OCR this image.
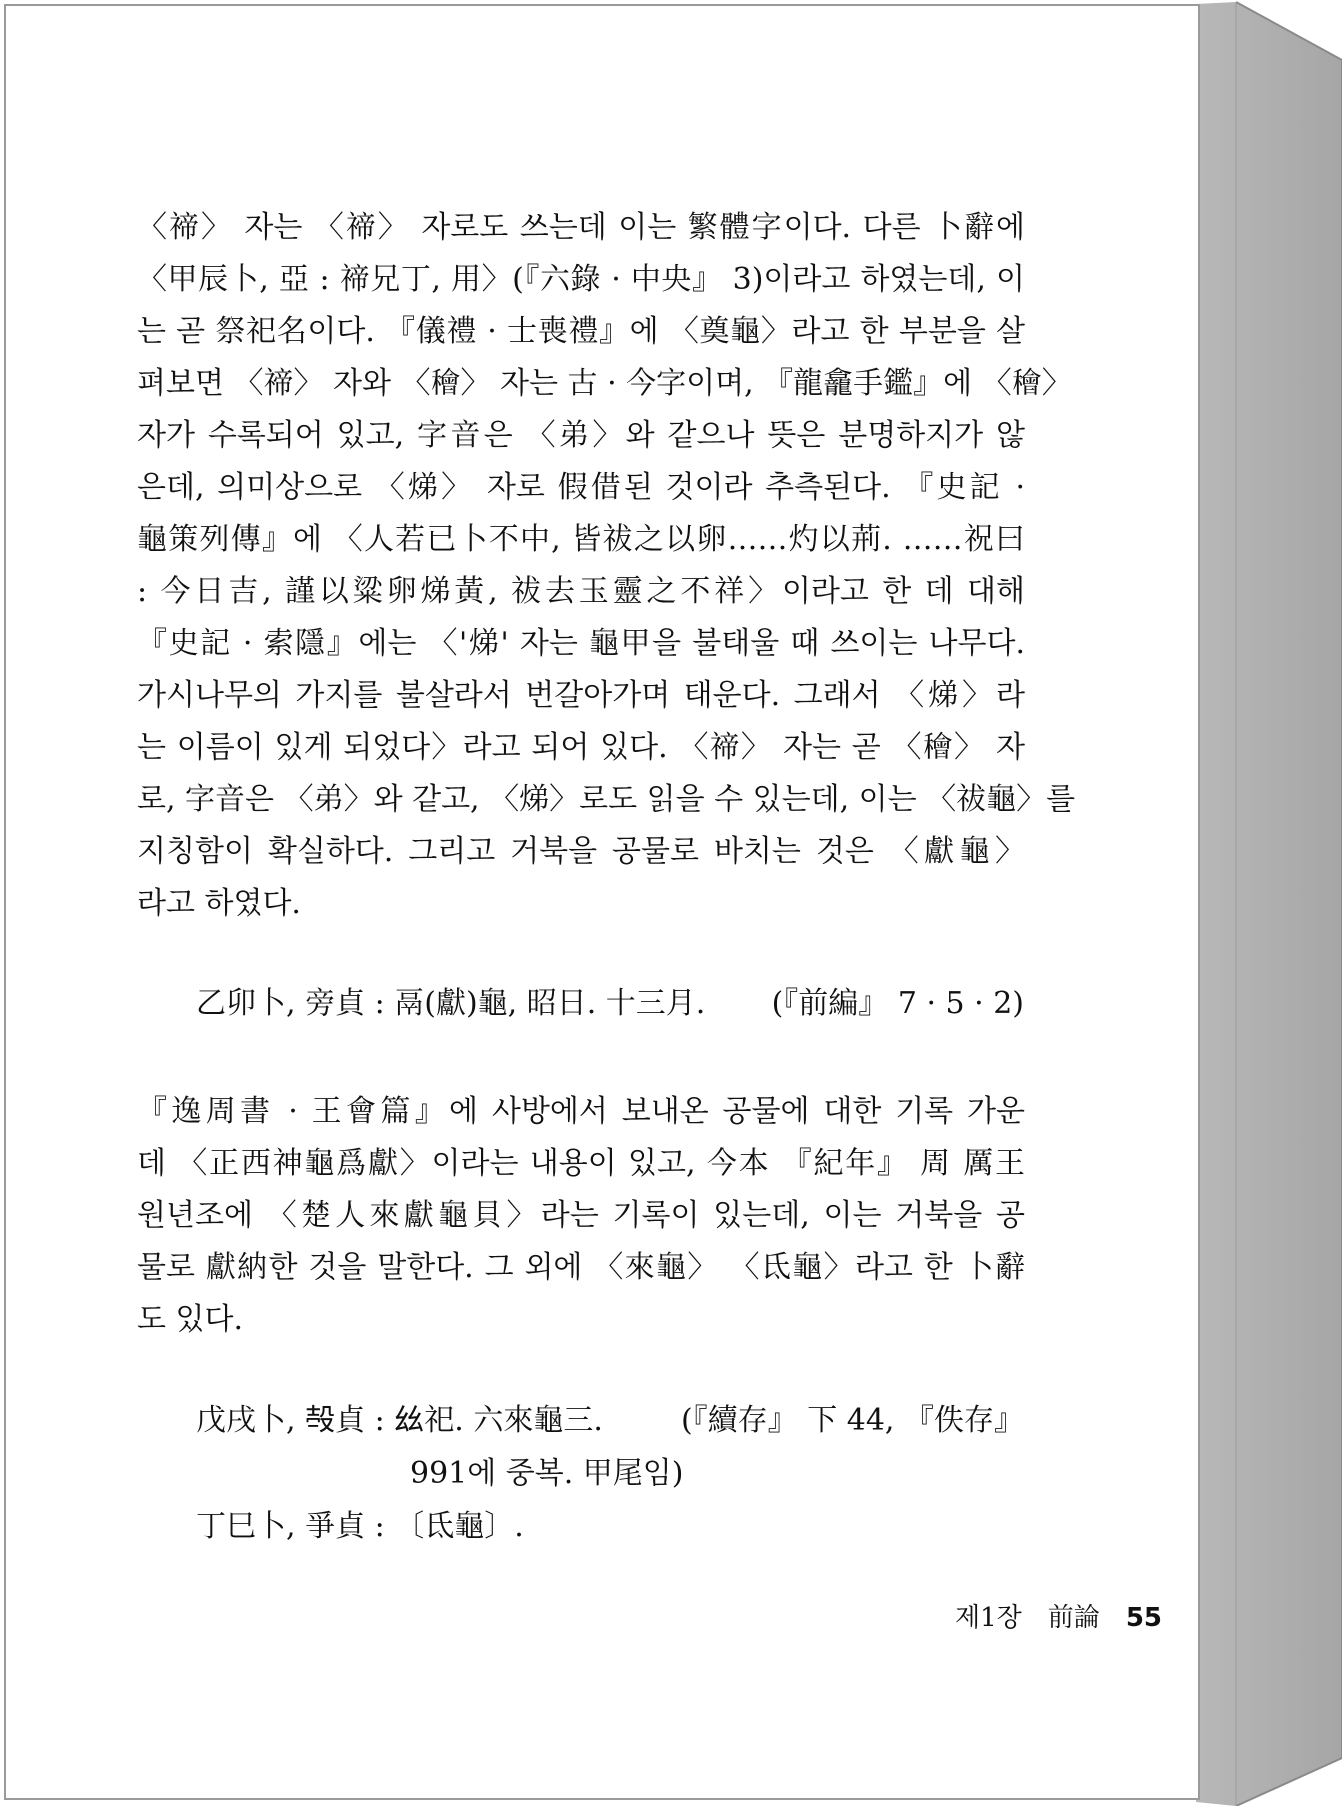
〈禘〉 자는 〈禘〉 자로도 쓰는데 이는 繁體字이다. 다른 卜辭에

〈甲辰卜, 亞 : 禘兄丁, 用〉(『六錄 · 中央』 3)이라고 하였는데, 이

는 곧 祭祀名이다. 『儀禮 · 士喪禮』에 〈奠龜〉라고 한 부분을 살

펴보면 〈禘〉 자와 〈𥢶〉 자는 古 · 今字이며, 『龍龕手鑑』에 〈𥢶〉

자가 수록되어 있고, 字音은 〈弟〉와 같으나 뜻은 분명하지가 않

은데, 의미상으로 〈焍〉 자로 假借된 것이라 추측된다. 『史記 ·

龜策列傳』에 〈人若已卜不中, 皆祓之以卵……灼以荊. ……祝曰

: 今日吉, 謹以粱卵焍黃, 祓去玉靈之不祥〉이라고 한 데 대해

『史記 · 索隱』에는 〈'焍' 자는 龜甲을 불태울 때 쓰이는 나무다.

가시나무의 가지를 불살라서 번갈아가며 태운다. 그래서 〈焍〉라

는 이름이 있게 되었다〉라고 되어 있다. 〈禘〉 자는 곧 〈𥢶〉 자

로, 字音은 〈弟〉와 같고, 〈焍〉로도 읽을 수 있는데, 이는 〈祓龜〉를

지칭함이 확실하다. 그리고 거북을 공물로 바치는 것은 〈獻龜〉

라고 하였다.

乙卯卜, 旁貞 : 鬲(獻)龜, 昭日. 十三月. (『前編』 7 · 5 · 2)

『逸周書 · 王會篇』에 사방에서 보내온 공물에 대한 기록 가운

데 〈正西神龜爲獻〉이라는 내용이 있고, 今本 『紀年』 周 厲王

원년조에 〈楚人來獻龜貝〉라는 기록이 있는데, 이는 거북을 공

물로 獻納한 것을 말한다. 그 외에 〈來龜〉 〈氐龜〉라고 한 卜辭

도 있다.

戊戌卜, 𣪊貞 : 𢆶祀. 六來龜三.	(『續存』 下 44, 『佚存』
991에 중복. 甲尾임)
丁巳卜, 爭貞 : 〔氐龜〕.
제1장 前論 55
